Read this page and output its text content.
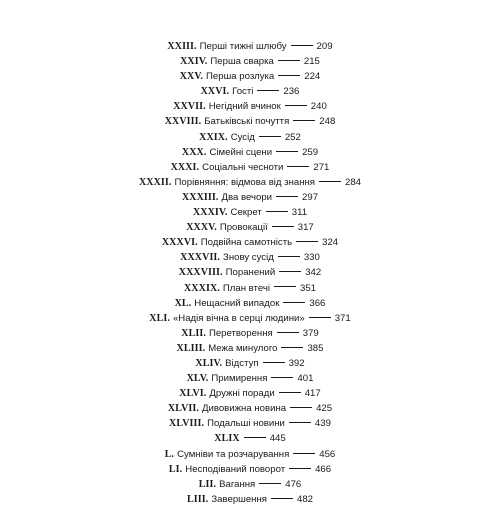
XXIII. Перші тижні шлюбу	209
XXIV. Перша сварка	215
XXV. Перша розлука	224
XXVI. Гості	236
XXVII. Негідний вчинок	240
XXVIII. Батьківські почуття	248
XXIX. Сусід	252
XXX. Сімейні сцени	259
XXXI. Соціальні чесноти	271
XXXII. Порівняння: відмова від знання	284
XXXIII. Два вечори	297
XXXIV. Секрет	311
XXXV. Провокації	317
XXXVI. Подвійна самотність	324
XXXVII. Знову сусід	330
XXXVIII. Поранений	342
XXXIX. План втечі	351
XL. Нещасний випадок	366
XLI. «Надія вічна в серці людини»	371
XLII. Перетворення	379
XLIII. Межа минулого	385
XLIV. Відступ	392
XLV. Примирення	401
XLVI. Дружні поради	417
XLVII. Дивовижна новина	425
XLVIII. Подальші новини	439
XLIX	445
L. Сумніви та розчарування	456
LI. Несподіваний поворот	466
LII. Вагання	476
LIII. Завершення	482
